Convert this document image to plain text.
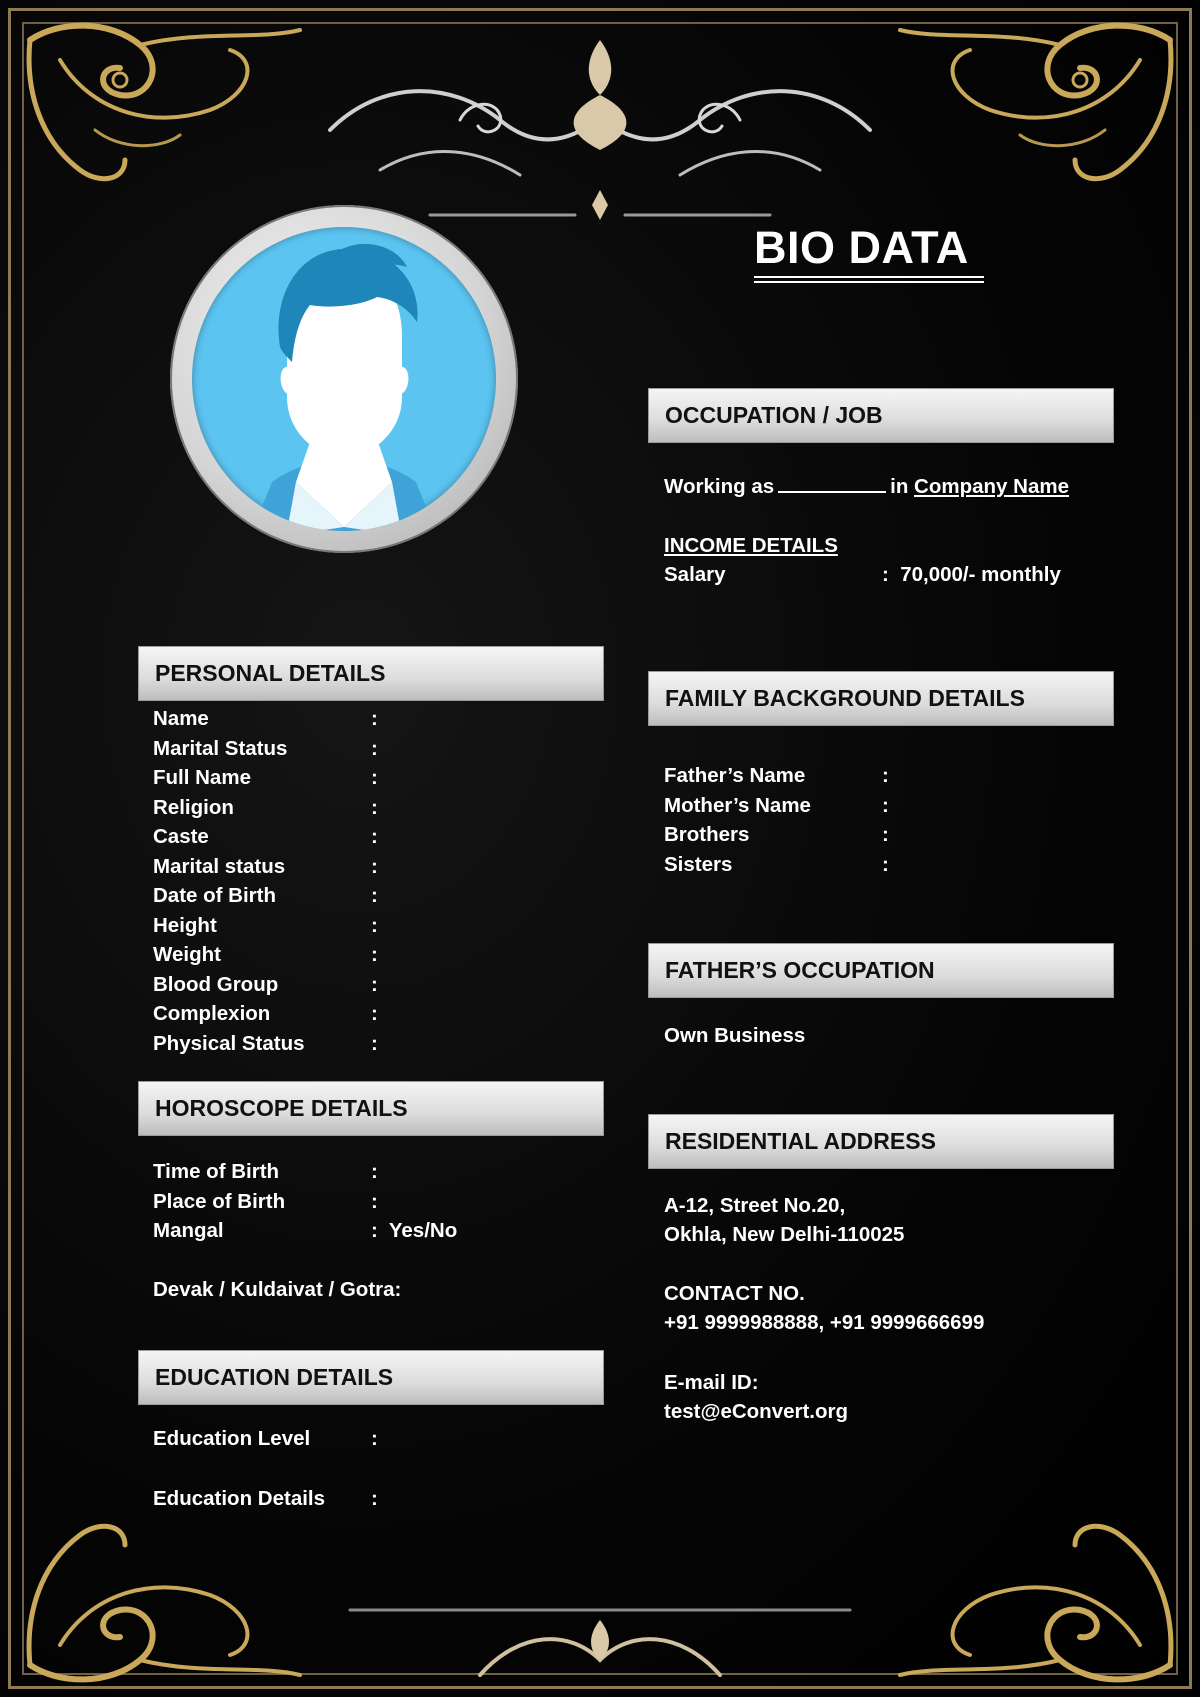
BIO DATA
OCCUPATION / JOB
Working as	in Company Name
INCOME DETAILS
Salary	:  70,000/- monthly
PERSONAL DETAILS
Name	:
Marital Status	:
Full Name	:
Religion	:
Caste	:
Marital status	:
Date of Birth	:
Height	:
Weight	:
Blood Group	:
Complexion	:
Physical Status	:
FAMILY BACKGROUND DETAILS
Father’s Name	:
Mother’s Name	:
Brothers	:
Sisters	:
FATHER’S OCCUPATION
Own Business
HOROSCOPE DETAILS
Time of Birth	:
Place of Birth	:
Mangal	:  Yes/No
Devak / Kuldaivat / Gotra:
RESIDENTIAL ADDRESS
A-12, Street No.20,
Okhla, New Delhi-110025
CONTACT NO.
+91 9999988888, +91 9999666699
E-mail ID:
test@eConvert.org
EDUCATION DETAILS
Education Level	:
Education Details :
